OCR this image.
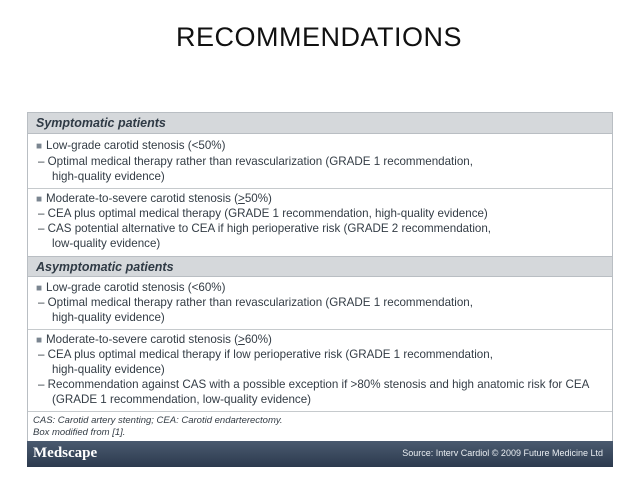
RECOMMENDATIONS
Symptomatic patients
■ Low-grade carotid stenosis (<50%)
– Optimal medical therapy rather than revascularization (GRADE 1 recommendation,
high-quality evidence)
■ Moderate-to-severe carotid stenosis (≥50%)
– CEA plus optimal medical therapy (GRADE 1 recommendation, high-quality evidence)
– CAS potential alternative to CEA if high perioperative risk (GRADE 2 recommendation,
low-quality evidence)
Asymptomatic patients
■ Low-grade carotid stenosis (<60%)
– Optimal medical therapy rather than revascularization (GRADE 1 recommendation,
high-quality evidence)
■ Moderate-to-severe carotid stenosis (≥60%)
– CEA plus optimal medical therapy if low perioperative risk (GRADE 1 recommendation,
high-quality evidence)
– Recommendation against CAS with a possible exception if >80% stenosis and high anatomic risk for CEA
(GRADE 1 recommendation, low-quality evidence)
CAS: Carotid artery stenting; CEA: Carotid endarterectomy.
Box modified from [1].
Medscape	Source: Interv Cardiol © 2009 Future Medicine Ltd
